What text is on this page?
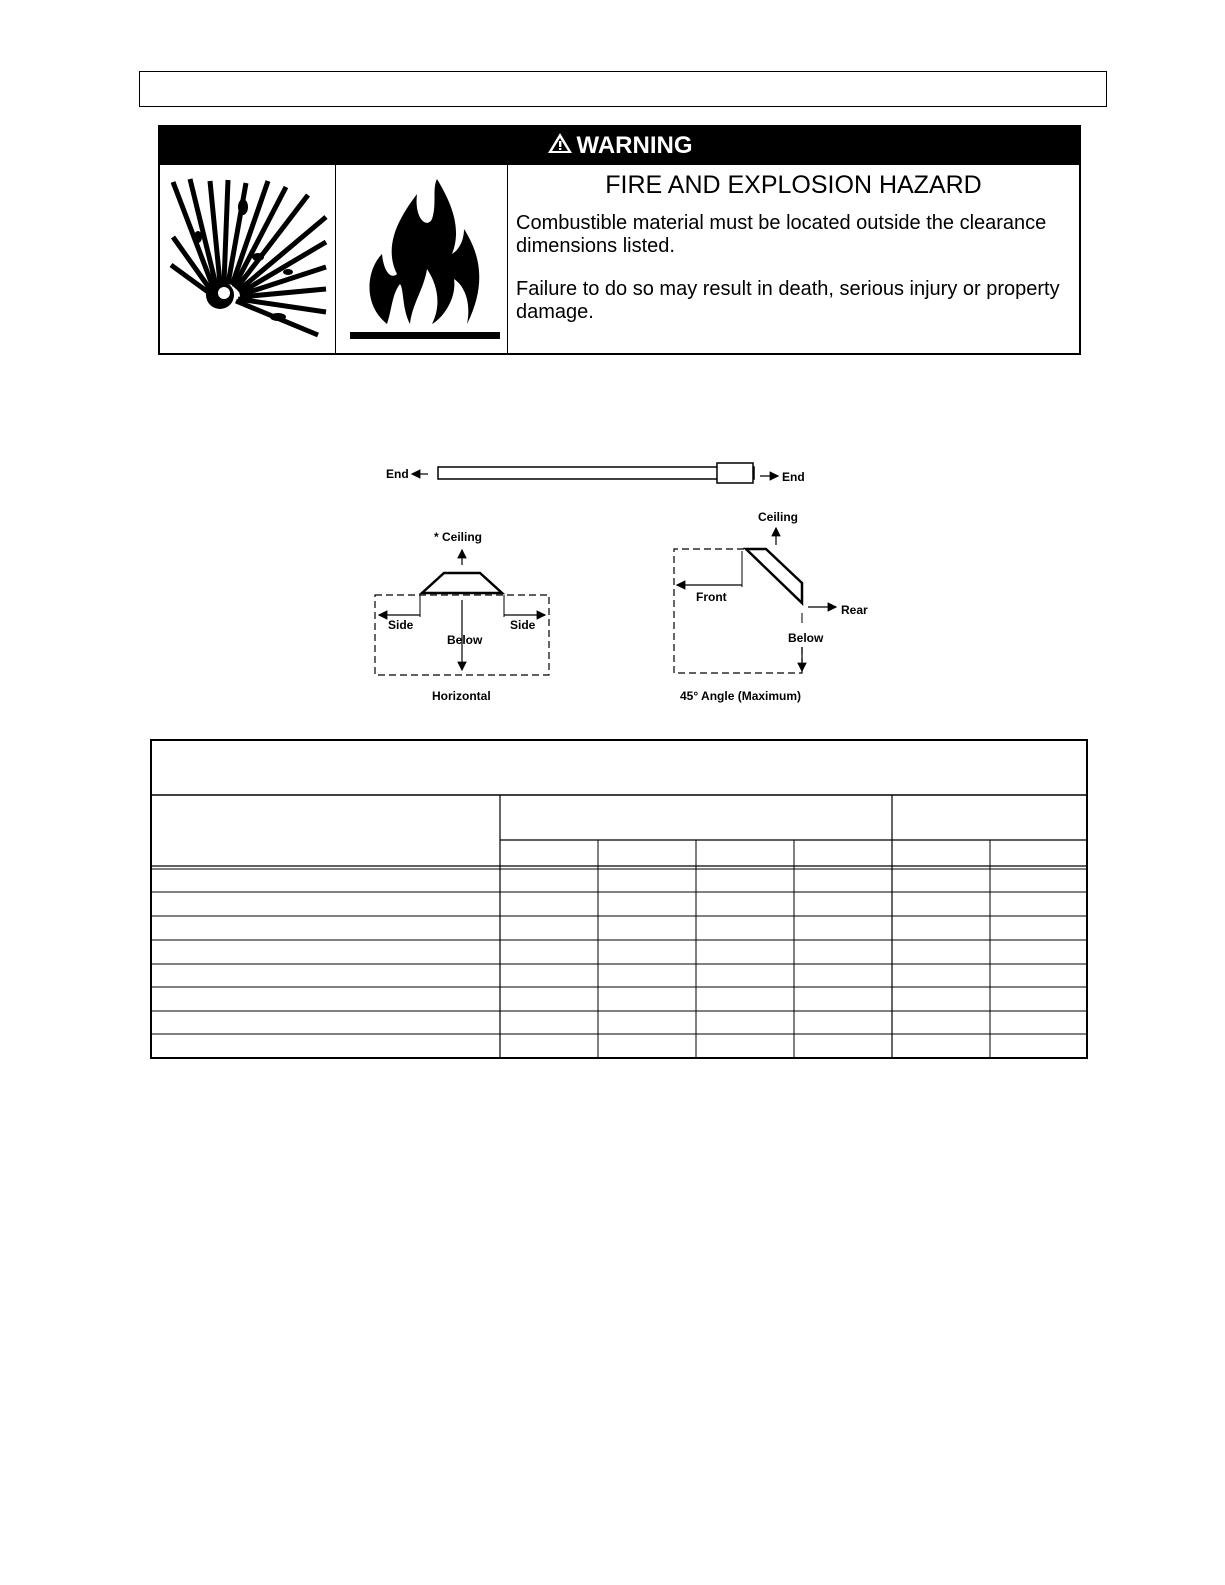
WARNING
FIRE AND EXPLOSION HAZARD

Combustible material must be located outside the clearance dimensions listed.

Failure to do so may result in death, serious injury or property damage.

End	End
* Ceiling
Below
Side	Side
Horizontal
Ceiling
Front
Rear
Below
45° Angle (Maximum)
